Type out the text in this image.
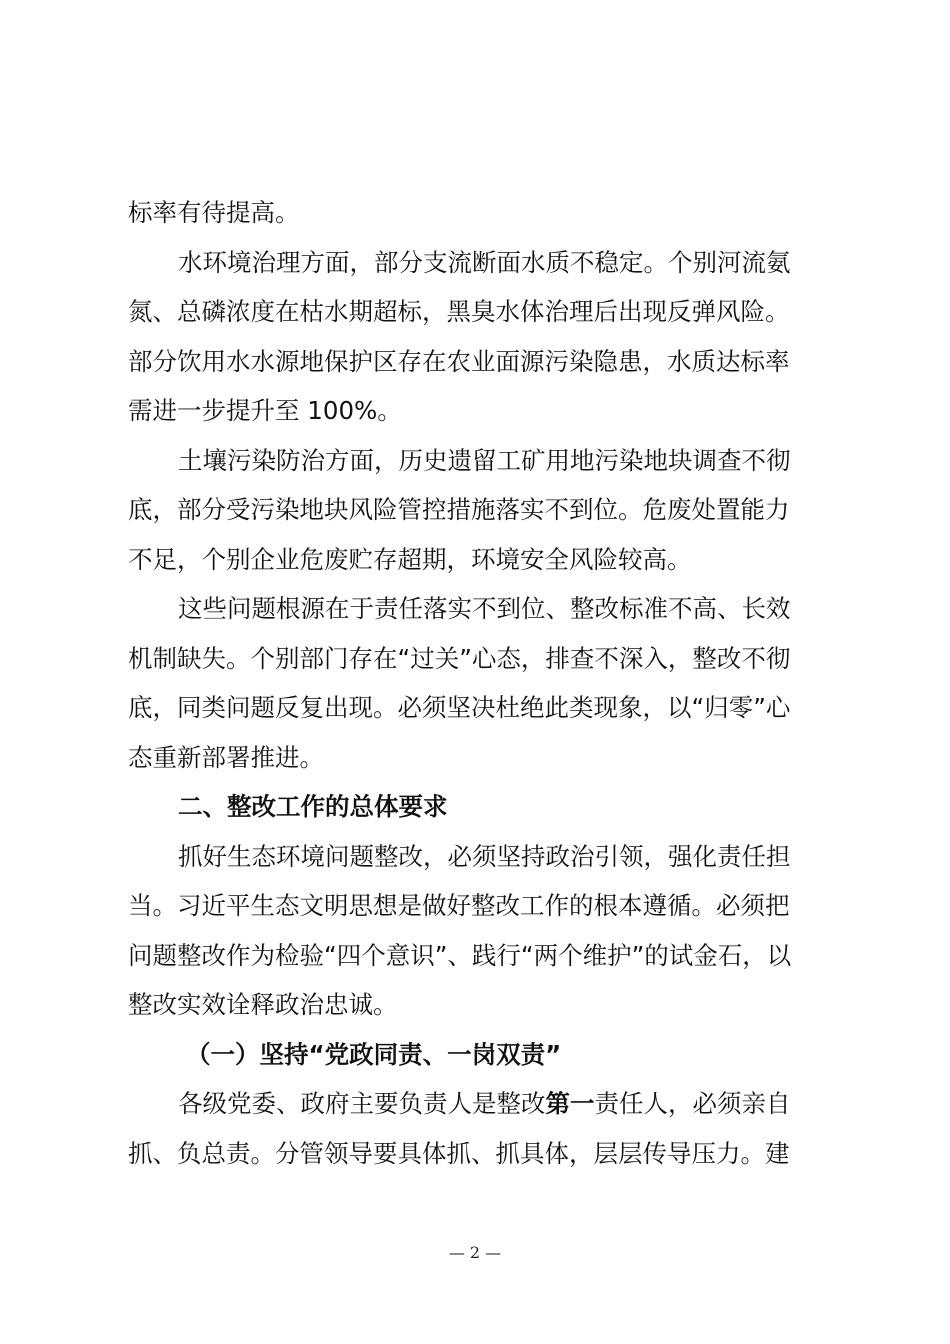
标率有待提高。
水环境治理方面，部分支流断面水质不稳定。个别河流氨
氮、总磷浓度在枯水期超标，黑臭水体治理后出现反弹风险。
部分饮用水水源地保护区存在农业面源污染隐患，水质达标率
需进一步提升至 100%。
土壤污染防治方面，历史遗留工矿用地污染地块调查不彻
底，部分受污染地块风险管控措施落实不到位。危废处置能力
不足，个别企业危废贮存超期，环境安全风险较高。
这些问题根源在于责任落实不到位、整改标准不高、长效
机制缺失。个别部门存在“过关”心态，排查不深入，整改不彻
底，同类问题反复出现。必须坚决杜绝此类现象，以“归零”心
态重新部署推进。
二、整改工作的总体要求
抓好生态环境问题整改，必须坚持政治引领，强化责任担
当。习近平生态文明思想是做好整改工作的根本遵循。必须把
问题整改作为检验“四个意识”、践行“两个维护”的试金石，以
整改实效诠释政治忠诚。
（一）坚持“党政同责、一岗双责”
各级党委、政府主要负责人是整改第一责任人，必须亲自
抓、负总责。分管领导要具体抓、抓具体，层层传导压力。建
— 2 —
